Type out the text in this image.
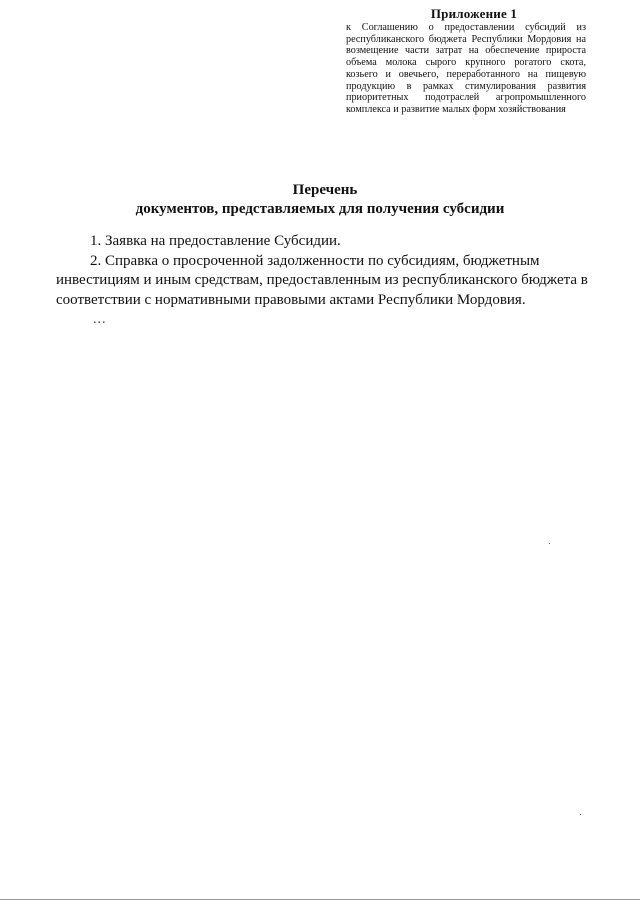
Приложение 1
к Соглашению о предоставлении субсидий из республиканского бюджета Республики Мордовия на возмещение части затрат на обеспечение прироста объема молока сырого крупного рогатого скота, козьего и овечьего, переработанного на пищевую продукцию в рамках стимулирования развития приоритетных подотраслей агропромышленного комплекса и развитие малых форм хозяйствования
Перечень
документов, представляемых для получения субсидии

1. Заявка на предоставление Субсидии.

2. Справка о просроченной задолженности по субсидиям, бюджетным инвестициям и иным средствам, предоставленным из республиканского бюджета в соответствии с нормативными правовыми актами Республики Мордовия.

...
